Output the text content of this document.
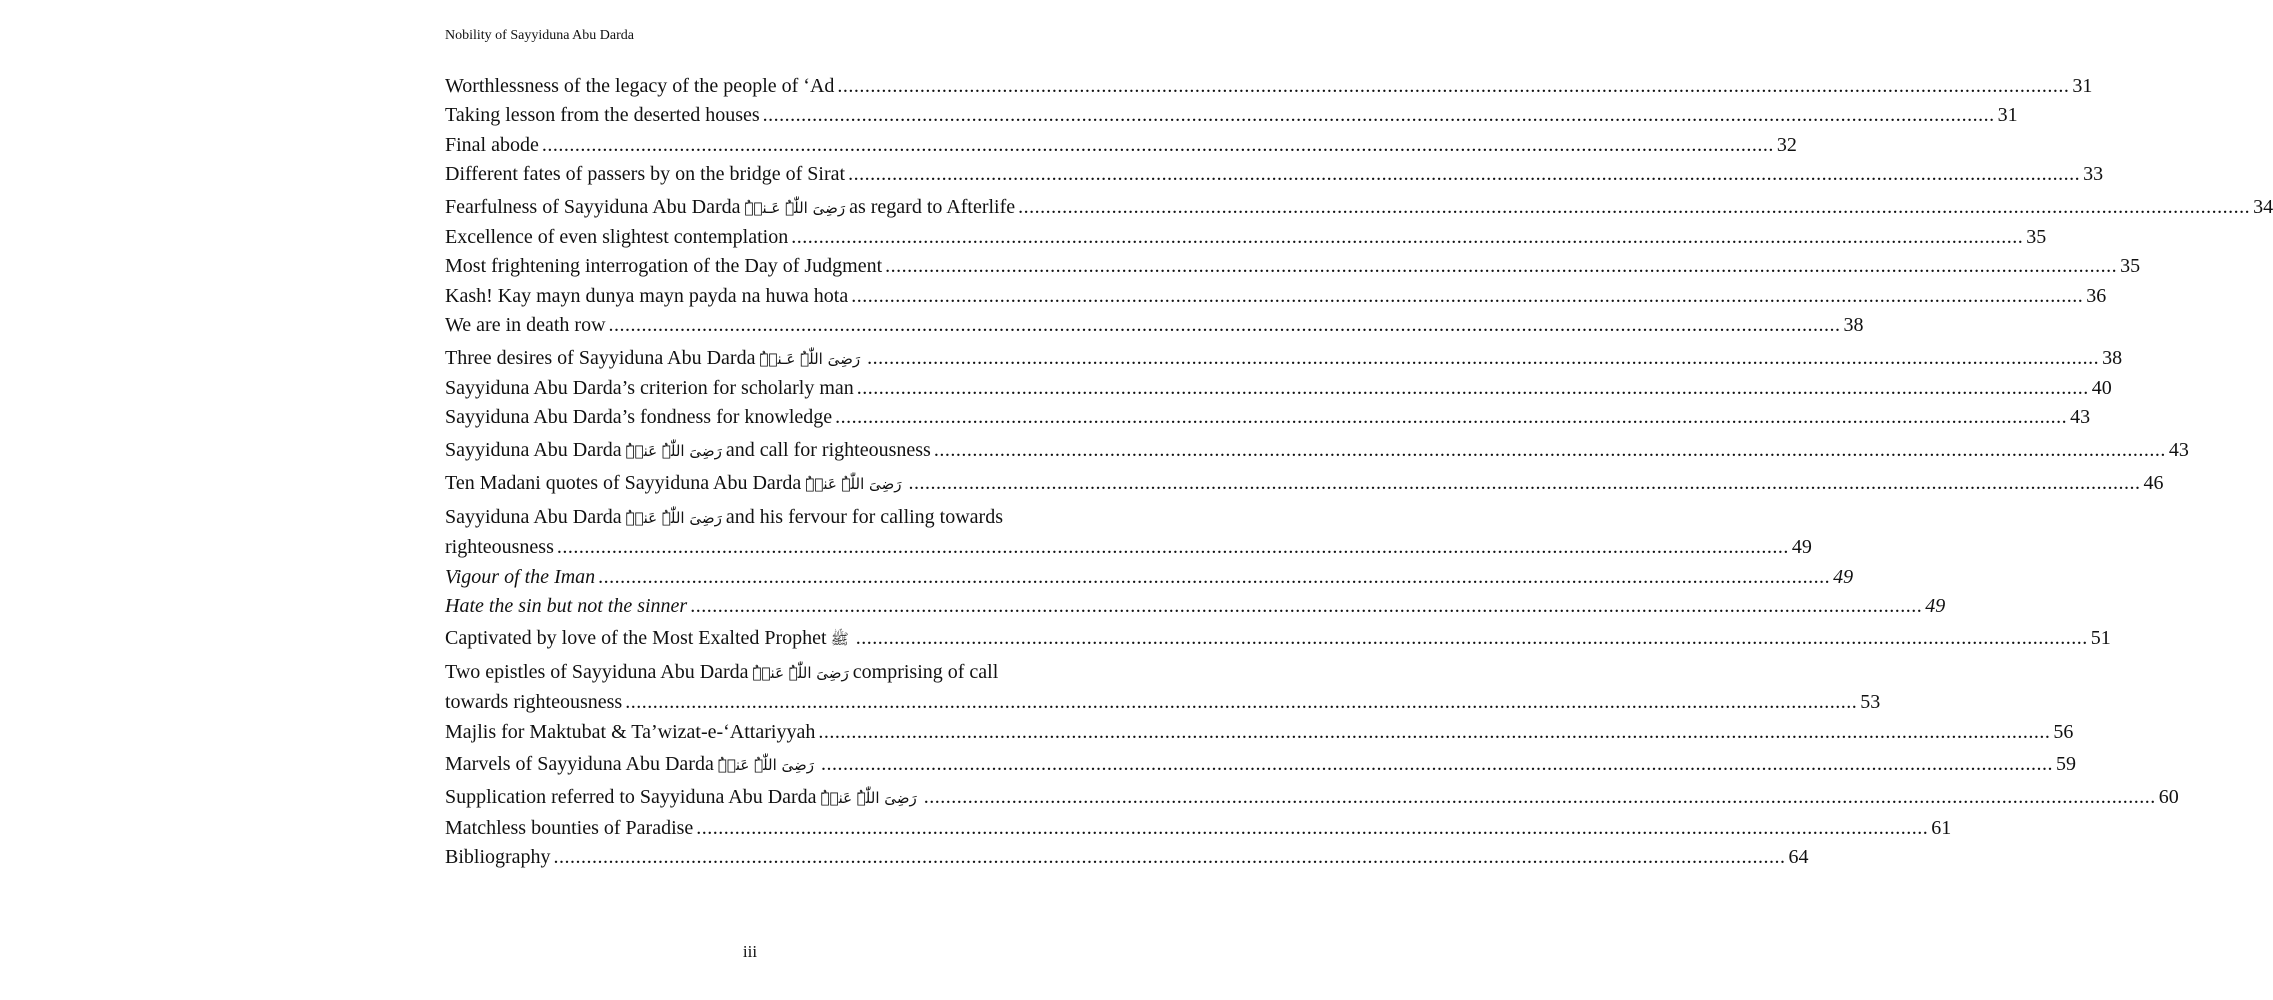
Nobility of Sayyiduna Abu Darda
Worthlessness of the legacy of the people of ‘Ad .....	31
Taking lesson from the deserted houses .....	31
Final abode .....	32
Different fates of passers by on the bridge of Sirat .....	33
Fearfulness of Sayyiduna Abu Darda رَضِیَ اللّٰہُ عَـنۡہُ as regard to Afterlife .....	34
Excellence of even slightest contemplation .....	35
Most frightening interrogation of the Day of Judgment .....	35
Kash! Kay mayn dunya mayn payda na huwa hota .....	36
We are in death row .....	38
Three desires of Sayyiduna Abu Darda رَضِیَ اللّٰہُ عَـنۡہُ .....	38
Sayyiduna Abu Darda’s criterion for scholarly man .....	40
Sayyiduna Abu Darda’s fondness for knowledge .....	43
Sayyiduna Abu Darda رَضِیَ اللّٰہُ عَنۡہُ and call for righteousness .....	43
Ten Madani quotes of Sayyiduna Abu Darda رَضِیَ اللّٰہُ عَنۡہُ .....	46
Sayyiduna Abu Darda رَضِیَ اللّٰہُ عَنۡہُ and his fervour for calling towards
righteousness .....	49
Vigour of the Iman .....	49
Hate the sin but not the sinner .....	49
Captivated by love of the Most Exalted Prophet ﷺ .....	51
Two epistles of Sayyiduna Abu Darda رَضِیَ اللّٰہُ عَنۡہُ comprising of call
towards righteousness .....	53
Majlis for Maktubat & Ta’wizat-e-‘Attariyyah .....	56
Marvels of Sayyiduna Abu Darda رَضِیَ اللّٰہُ عَنۡہُ .....	59
Supplication referred to Sayyiduna Abu Darda رَضِیَ اللّٰہُ عَنۡہُ .....	60
Matchless bounties of Paradise .....	61
Bibliography .....	64
iii
